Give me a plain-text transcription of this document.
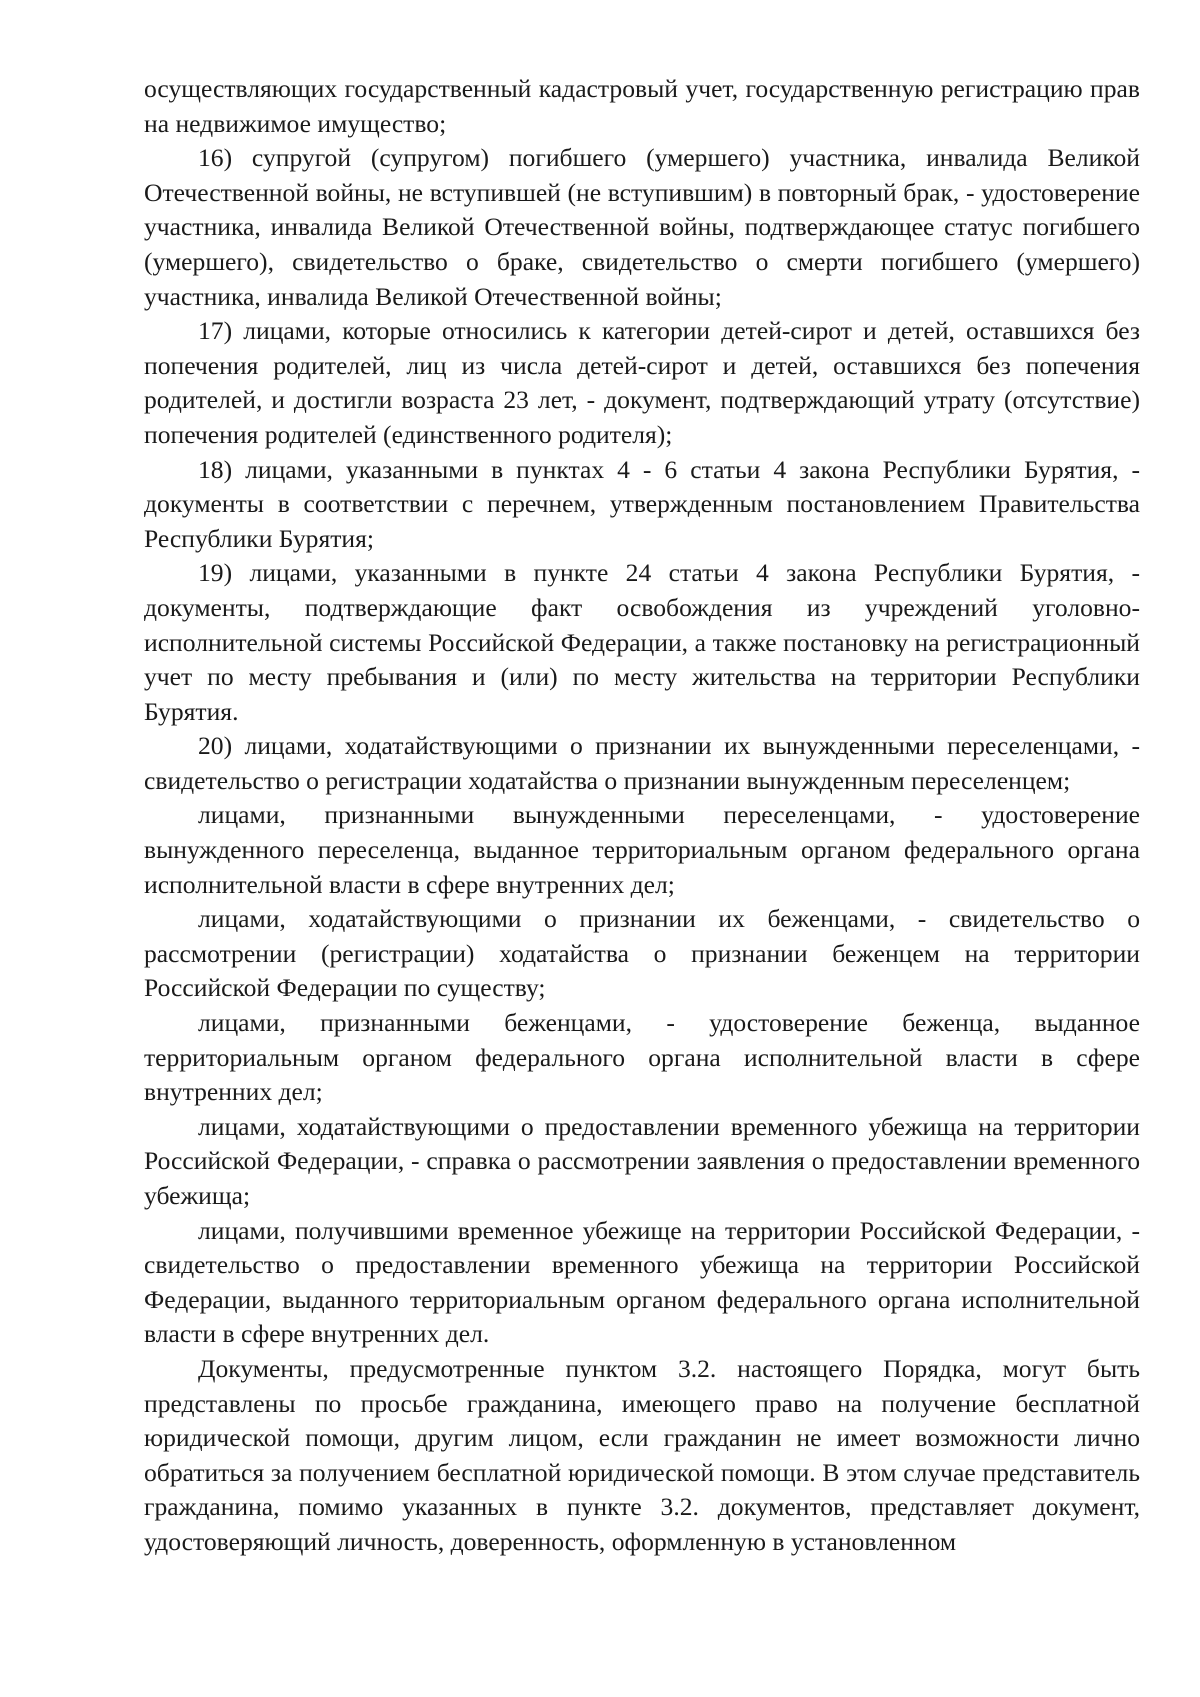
осуществляющих государственный кадастровый учет, государственную регистрацию прав на недвижимое имущество;

16) супругой (супругом) погибшего (умершего) участника, инвалида Великой Отечественной войны, не вступившей (не вступившим) в повторный брак, - удостоверение участника, инвалида Великой Отечественной войны, подтверждающее статус погибшего (умершего), свидетельство о браке, свидетельство о смерти погибшего (умершего) участника, инвалида Великой Отечественной войны;

17) лицами, которые относились к категории детей-сирот и детей, оставшихся без попечения родителей, лиц из числа детей-сирот и детей, оставшихся без попечения родителей, и достигли возраста 23 лет, - документ, подтверждающий утрату (отсутствие) попечения родителей (единственного родителя);

18) лицами, указанными в пунктах 4 - 6 статьи 4 закона Республики Бурятия, - документы в соответствии с перечнем, утвержденным постановлением Правительства Республики Бурятия;

19) лицами, указанными в пункте 24 статьи 4 закона Республики Бурятия, - документы, подтверждающие факт освобождения из учреждений уголовно-исполнительной системы Российской Федерации, а также постановку на регистрационный учет по месту пребывания и (или) по месту жительства на территории Республики Бурятия.

20) лицами, ходатайствующими о признании их вынужденными переселенцами, - свидетельство о регистрации ходатайства о признании вынужденным переселенцем;

лицами, признанными вынужденными переселенцами, - удостоверение вынужденного переселенца, выданное территориальным органом федерального органа исполнительной власти в сфере внутренних дел;

лицами, ходатайствующими о признании их беженцами, - свидетельство о рассмотрении (регистрации) ходатайства о признании беженцем на территории Российской Федерации по существу;

лицами, признанными беженцами, - удостоверение беженца, выданное территориальным органом федерального органа исполнительной власти в сфере внутренних дел;

лицами, ходатайствующими о предоставлении временного убежища на территории Российской Федерации, - справка о рассмотрении заявления о предоставлении временного убежища;

лицами, получившими временное убежище на территории Российской Федерации, - свидетельство о предоставлении временного убежища на территории Российской Федерации, выданного территориальным органом федерального органа исполнительной власти в сфере внутренних дел.

Документы, предусмотренные пунктом 3.2. настоящего Порядка, могут быть представлены по просьбе гражданина, имеющего право на получение бесплатной юридической помощи, другим лицом, если гражданин не имеет возможности лично обратиться за получением бесплатной юридической помощи. В этом случае представитель гражданина, помимо указанных в пункте 3.2. документов, представляет документ, удостоверяющий личность, доверенность, оформленную в установленном
